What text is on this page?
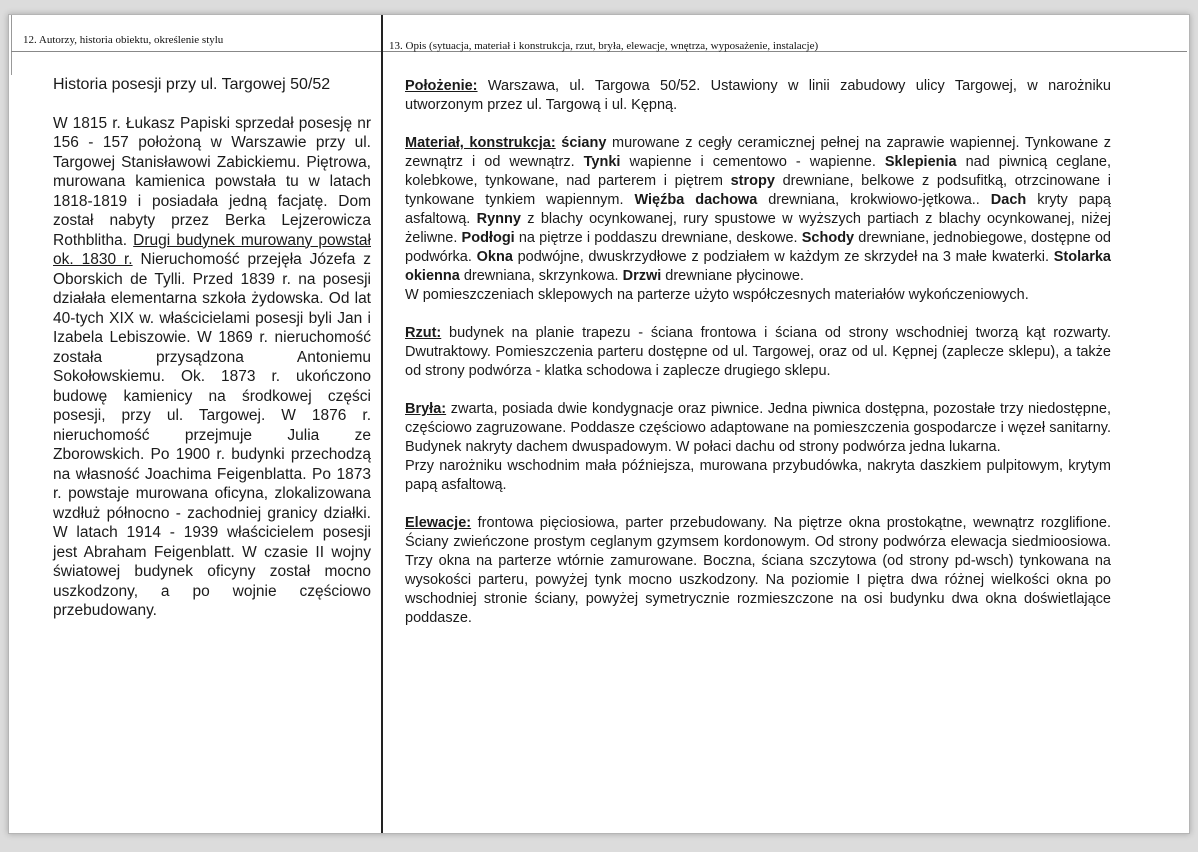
12. Autorzy, historia obiektu, określenie stylu	13. Opis (sytuacja, materiał i konstrukcja, rzut, bryła, elewacje, wnętrza, wyposażenie, instalacje)

Historia posesji przy ul. Targowej 50/52

W 1815 r. Łukasz Papiski sprzedał posesję nr 156 - 157 położoną w Warszawie przy ul. Targowej Stanisławowi Zabickiemu. Piętrowa, murowana kamienica powstała tu w latach 1818-1819 i posiadała jedną facjatę. Dom został nabyty przez Berka Lejzerowicza Rothblitha. Drugi budynek murowany powstał ok. 1830 r. Nieruchomość przejęła Józefa z Oborskich de Tylli. Przed 1839 r. na posesji działała elementarna szkoła żydowska. Od lat 40-tych XIX w. właścicielami posesji byli Jan i Izabela Lebiszowie. W 1869 r. nieruchomość została przysądzona Antoniemu Sokołowskiemu. Ok. 1873 r. ukończono budowę kamienicy na środkowej części posesji, przy ul. Targowej. W 1876 r. nieruchomość przejmuje Julia ze Zborowskich. Po 1900 r. budynki przechodzą na własność Joachima Feigenblatta. Po 1873 r. powstaje murowana oficyna, zlokalizowana wzdłuż północno - zachodniej granicy działki. W latach 1914 - 1939 właścicielem posesji jest Abraham Feigenblatt. W czasie II wojny światowej budynek oficyny został mocno uszkodzony, a po wojnie częściowo przebudowany.

Położenie: Warszawa, ul. Targowa 50/52. Ustawiony w linii zabudowy ulicy Targowej, w narożniku utworzonym przez ul. Targową i ul. Kępną.

Materiał, konstrukcja: ściany murowane z cegły ceramicznej pełnej na zaprawie wapiennej. Tynkowane z zewnątrz i od wewnątrz. Tynki wapienne i cementowo - wapienne. Sklepienia nad piwnicą ceglane, kolebkowe, tynkowane, nad parterem i piętrem stropy drewniane, belkowe z podsufitką, otrzcinowane i tynkowane tynkiem wapiennym. Więźba dachowa drewniana, krokwiowo-jętkowa.. Dach kryty papą asfaltową. Rynny z blachy ocynkowanej, rury spustowe w wyższych partiach z blachy ocynkowanej, niżej żeliwne. Podłogi na piętrze i poddaszu drewniane, deskowe. Schody drewniane, jednobiegowe, dostępne od podwórka. Okna podwójne, dwuskrzydłowe z podziałem w każdym ze skrzydeł na 3 małe kwaterki. Stolarka okienna drewniana, skrzynkowa. Drzwi drewniane płycinowe.

W pomieszczeniach sklepowych na parterze użyto współczesnych materiałów wykończeniowych.

Rzut: budynek na planie trapezu - ściana frontowa i ściana od strony wschodniej tworzą kąt rozwarty. Dwutraktowy. Pomieszczenia parteru dostępne od ul. Targowej, oraz od ul. Kępnej (zaplecze sklepu), a także od strony podwórza - klatka schodowa i zaplecze drugiego sklepu.

Bryła: zwarta, posiada dwie kondygnacje oraz piwnice. Jedna piwnica dostępna, pozostałe trzy niedostępne, częściowo zagruzowane. Poddasze częściowo adaptowane na pomieszczenia gospodarcze i węzeł sanitarny. Budynek nakryty dachem dwuspadowym. W połaci dachu od strony podwórza jedna lukarna.

Przy narożniku wschodnim mała późniejsza, murowana przybudówka, nakryta daszkiem pulpitowym, krytym papą asfaltową.

Elewacje: frontowa pięciosiowa, parter przebudowany. Na piętrze okna prostokątne, wewnątrz rozglifione. Ściany zwieńczone prostym ceglanym gzymsem kordonowym. Od strony podwórza elewacja siedmioosiowa. Trzy okna na parterze wtórnie zamurowane. Boczna, ściana szczytowa (od strony pd-wsch) tynkowana na wysokości parteru, powyżej tynk mocno uszkodzony. Na poziomie I piętra dwa różnej wielkości okna po wschodniej stronie ściany, powyżej symetrycznie rozmieszczone na osi budynku dwa okna doświetlające poddasze.
